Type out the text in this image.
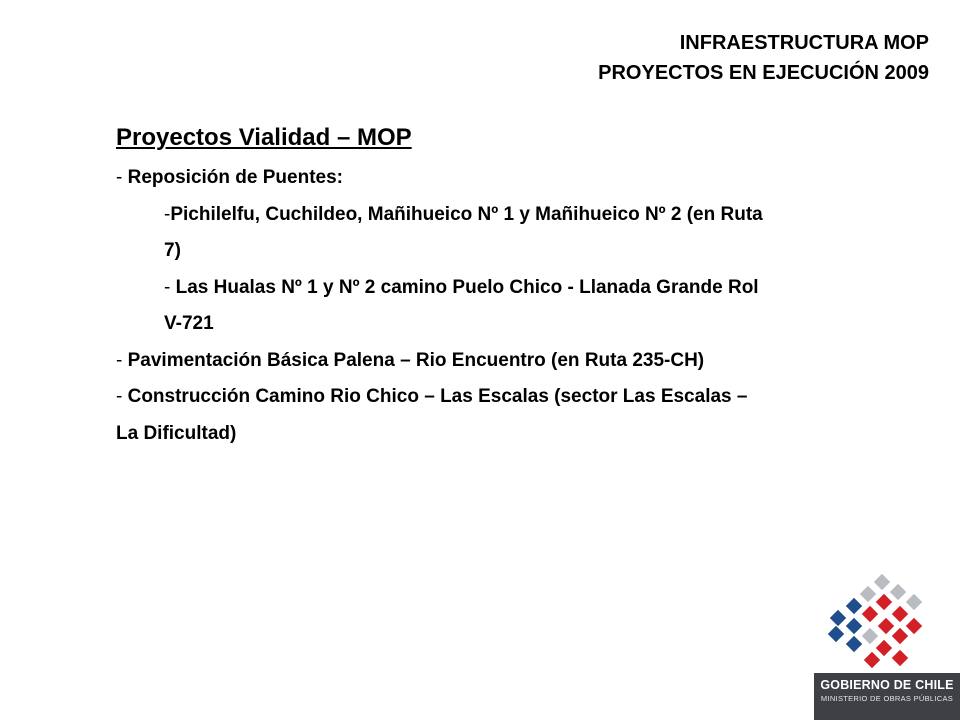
INFRAESTRUCTURA MOP
PROYECTOS EN EJECUCIÓN 2009
Proyectos Vialidad – MOP
- Reposición de Puentes:
-Pichilelfu, Cuchildeo, Mañihueico Nº 1 y Mañihueico Nº 2 (en Ruta
7)
- Las Hualas Nº 1 y Nº 2 camino Puelo Chico - Llanada Grande Rol
V-721
- Pavimentación Básica Palena – Rio Encuentro (en Ruta 235-CH)
- Construcción Camino Rio Chico – Las Escalas (sector Las Escalas –
La Dificultad)
GOBIERNO DE CHILE
MINISTERIO DE OBRAS PÚBLICAS
